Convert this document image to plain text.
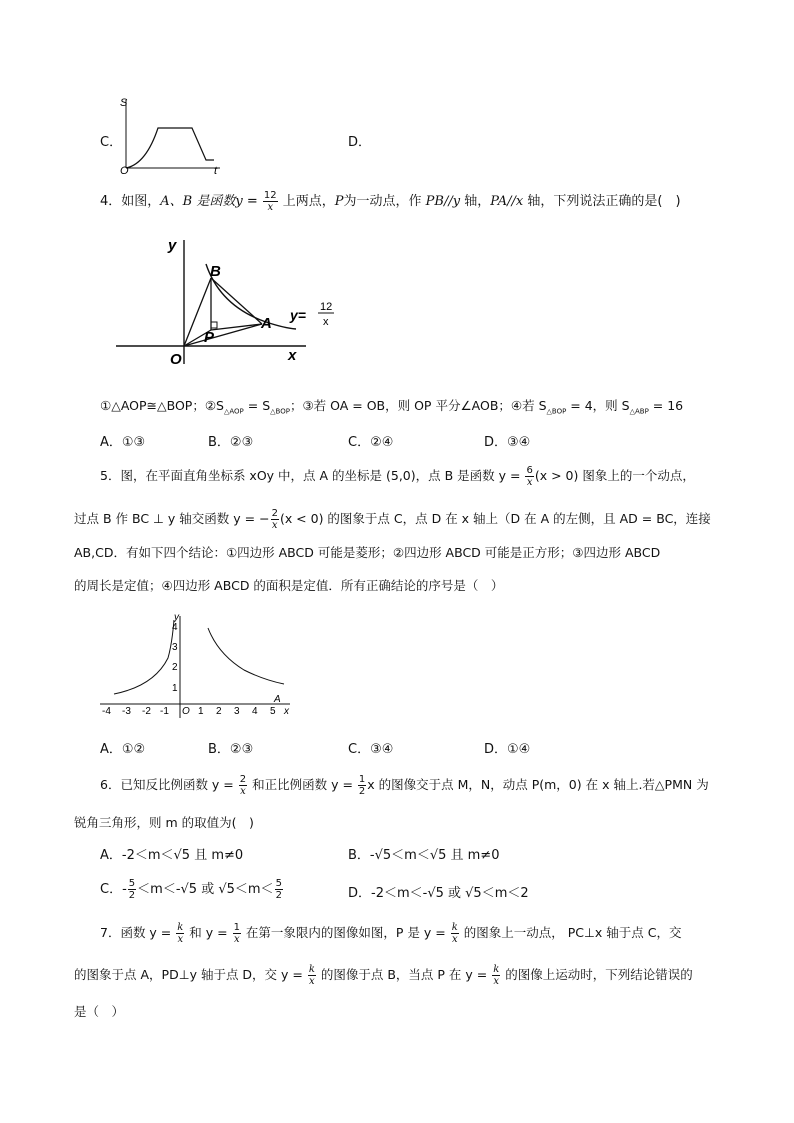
C．	D．
S
t
O
4．如图，A、B 是函数$y = \frac{12}{x}$ 上两点，P为一动点，作 PB//y 轴，PA//x 轴，下列说法正确的是(　)
y
x
O
B
A
P
y= 12
x
①△AOP≅△BOP；$②S_{\triangle AOP} = S_{\triangle BOP}$；③若 OA = OB，则 OP 平分∠AOB；④若 $S_{\triangle BOP} = 4$，则 $S_{\triangle ABP} = 16$
A．①③	B．②③	C．②④	D．③④
5．图，在平面直角坐标系 xOy 中，点 A 的坐标是 (5,0)，点 B 是函数 $y = \frac{6}{x} (x > 0)$ 图象上的一个动点，
过点 B 作 BC ⊥ y 轴交函数 y = − $\frac{2}{x} (x < 0)$ 的图象于点 C，点 D 在 x 轴上（D 在 A 的左侧，且 AD = BC，连接
AB,CD．有如下四个结论：①四边形 ABCD 可能是菱形；②四边形 ABCD 可能是正方形；③四边形 ABCD
的周长是定值；④四边形 ABCD 的面积是定值．所有正确结论的序号是（　）
-4 -3 -2 -1	1 2 3 4 5
1
2
3
4
O
y
x
A
A．①②	B．②③	C．③④	D．①④
6．已知反比例函数 $y = \frac{2}{x}$ 和正比例函数 $y = \frac{1}{2}$ x 的图像交于点 M，N，动点 P(m，0) 在 x 轴上.若△PMN 为
锐角三角形，则 m 的取值为(　)
A．-2＜m＜√5 且 m≠0	B．-√5＜m＜√5 且 m≠0
C．- $\frac{5}{2} <m<-√5$ 或 $√5<m< \frac{5}{2}$	D．-2＜m＜-√5 或 √5＜m＜2
7．函数 $y = \frac{k}{x}$ 和 $y = \frac{1}{x}$ 在第一象限内的图像如图，P 是 $y = \frac{k}{x}$ 的图象上一动点， PC⊥x 轴于点 C，交
的图象于点 A，PD⊥y 轴于点 D，交 $y = \frac{k}{x}$ 的图像于点 B，当点 P 在 $y = \frac{k}{x}$ 的图像上运动时，下列结论错误的
是（　）
